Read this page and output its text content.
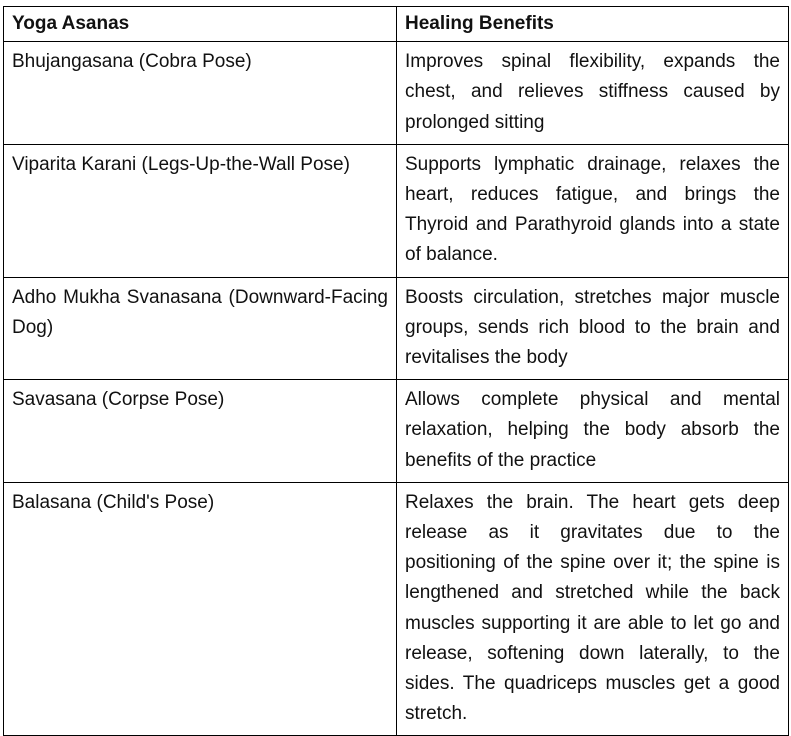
Yoga Asanas	Healing Benefits
Bhujangasana (Cobra Pose)	Improves spinal flexibility, expands the chest, and relieves stiffness caused by prolonged sitting
Viparita Karani (Legs-Up-the-Wall Pose)	Supports lymphatic drainage, relaxes the heart, reduces fatigue, and brings the Thyroid and Parathyroid glands into a state of balance.
Adho Mukha Svanasana (Downward-Facing Dog)	Boosts circulation, stretches major muscle groups, sends rich blood to the brain and revitalises the body
Savasana (Corpse Pose)	Allows complete physical and mental relaxation, helping the body absorb the benefits of the practice
Balasana (Child's Pose)	Relaxes the brain. The heart gets deep release as it gravitates due to the positioning of the spine over it; the spine is lengthened and stretched while the back muscles supporting it are able to let go and release, softening down laterally, to the sides. The quadriceps muscles get a good stretch.
